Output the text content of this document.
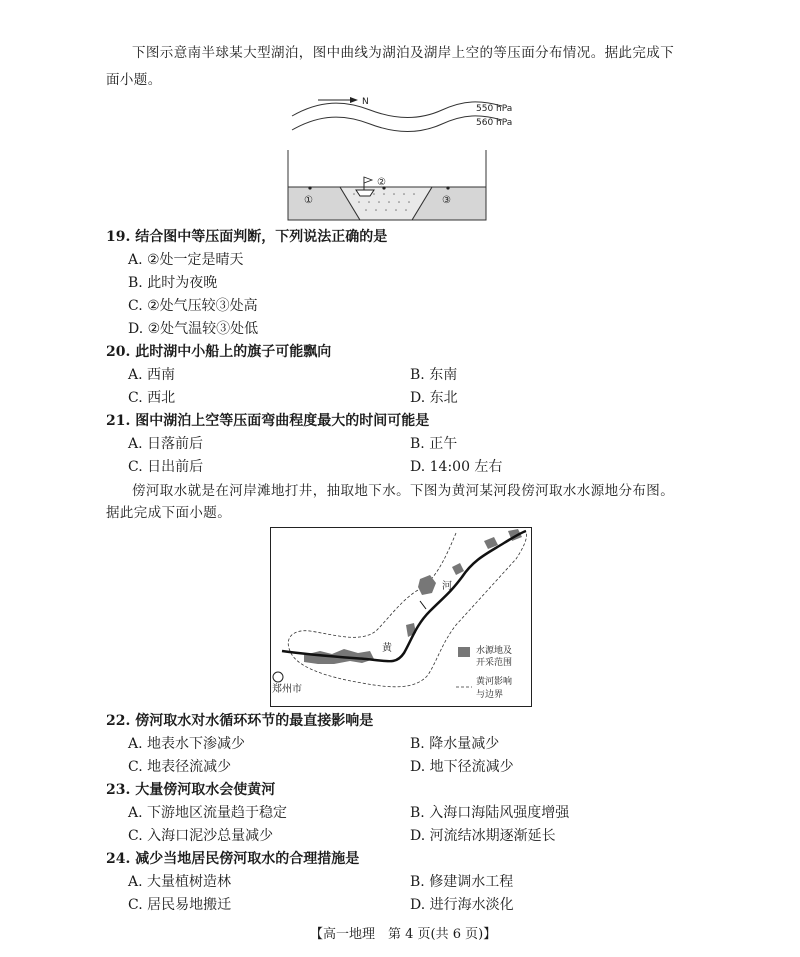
下图示意南半球某大型湖泊，图中曲线为湖泊及湖岸上空的等压面分布情况。据此完成下
面小题。
N
550 hPa
560 hPa
①
②
③
19. 结合图中等压面判断，下列说法正确的是
A. ②处一定是晴天
B. 此时为夜晚
C. ②处气压较③处高
D. ②处气温较③处低
20. 此时湖中小船上的旗子可能飘向
A. 西南	B. 东南
C. 西北	D. 东北
21. 图中湖泊上空等压面弯曲程度最大的时间可能是
A. 日落前后	B. 正午
C. 日出前后	D. 14:00 左右
傍河取水就是在河岸滩地打井，抽取地下水。下图为黄河某河段傍河取水水源地分布图。
据此完成下面小题。
河
黄
郑州市
水源地及
开采范围
黄河影响
与边界
22. 傍河取水对水循环环节的最直接影响是
A. 地表水下渗减少	B. 降水量减少
C. 地表径流减少	D. 地下径流减少
23. 大量傍河取水会使黄河
A. 下游地区流量趋于稳定	B. 入海口海陆风强度增强
C. 入海口泥沙总量减少	D. 河流结冰期逐渐延长
24. 减少当地居民傍河取水的合理措施是
A. 大量植树造林	B. 修建调水工程
C. 居民易地搬迁	D. 进行海水淡化
【高一地理　第 4 页(共 6 页)】
